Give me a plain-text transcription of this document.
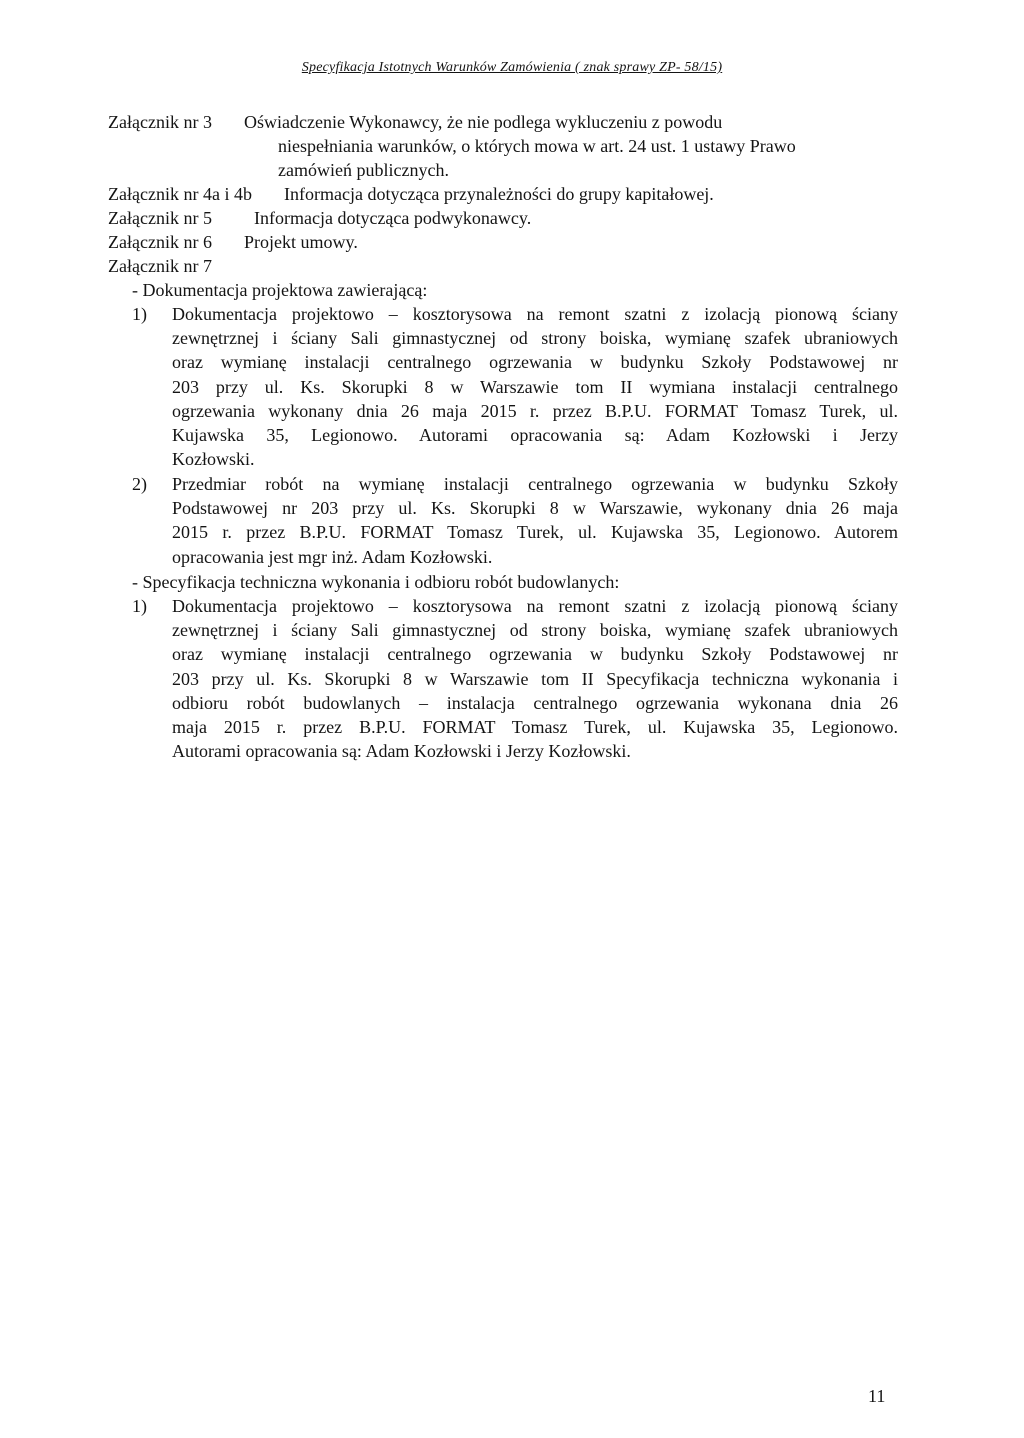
Specyfikacja Istotnych Warunków Zamówienia ( znak sprawy ZP- 58/15)
Załącznik nr 3 Oświadczenie Wykonawcy, że nie podlega wykluczeniu z powodu
niespełniania warunków, o których mowa w art. 24 ust. 1 ustawy Prawo
zamówień publicznych.
Załącznik nr 4a i 4b Informacja dotycząca przynależności do grupy kapitałowej.
Załącznik nr 5 Informacja dotycząca podwykonawcy.
Załącznik nr 6 Projekt umowy.
Załącznik nr 7
- Dokumentacja projektowa zawierającą:
1) Dokumentacja projektowo – kosztorysowa na remont szatni z izolacją pionową ściany
zewnętrznej i ściany Sali gimnastycznej od strony boiska, wymianę szafek ubraniowych
oraz wymianę instalacji centralnego ogrzewania w budynku Szkoły Podstawowej nr
203 przy ul. Ks. Skorupki 8 w Warszawie tom II wymiana instalacji centralnego
ogrzewania wykonany dnia 26 maja 2015 r. przez B.P.U. FORMAT Tomasz Turek, ul.
Kujawska 35, Legionowo. Autorami opracowania są: Adam Kozłowski i Jerzy
Kozłowski.
2) Przedmiar robót na wymianę instalacji centralnego ogrzewania w budynku Szkoły
Podstawowej nr 203 przy ul. Ks. Skorupki 8 w Warszawie, wykonany dnia 26 maja
2015 r. przez B.P.U. FORMAT Tomasz Turek, ul. Kujawska 35, Legionowo. Autorem
opracowania jest mgr inż. Adam Kozłowski.
- Specyfikacja techniczna wykonania i odbioru robót budowlanych:
1) Dokumentacja projektowo – kosztorysowa na remont szatni z izolacją pionową ściany
zewnętrznej i ściany Sali gimnastycznej od strony boiska, wymianę szafek ubraniowych
oraz wymianę instalacji centralnego ogrzewania w budynku Szkoły Podstawowej nr
203 przy ul. Ks. Skorupki 8 w Warszawie tom II Specyfikacja techniczna wykonania i
odbioru robót budowlanych – instalacja centralnego ogrzewania wykonana dnia 26
maja 2015 r. przez B.P.U. FORMAT Tomasz Turek, ul. Kujawska 35, Legionowo.
Autorami opracowania są: Adam Kozłowski i Jerzy Kozłowski.
11
